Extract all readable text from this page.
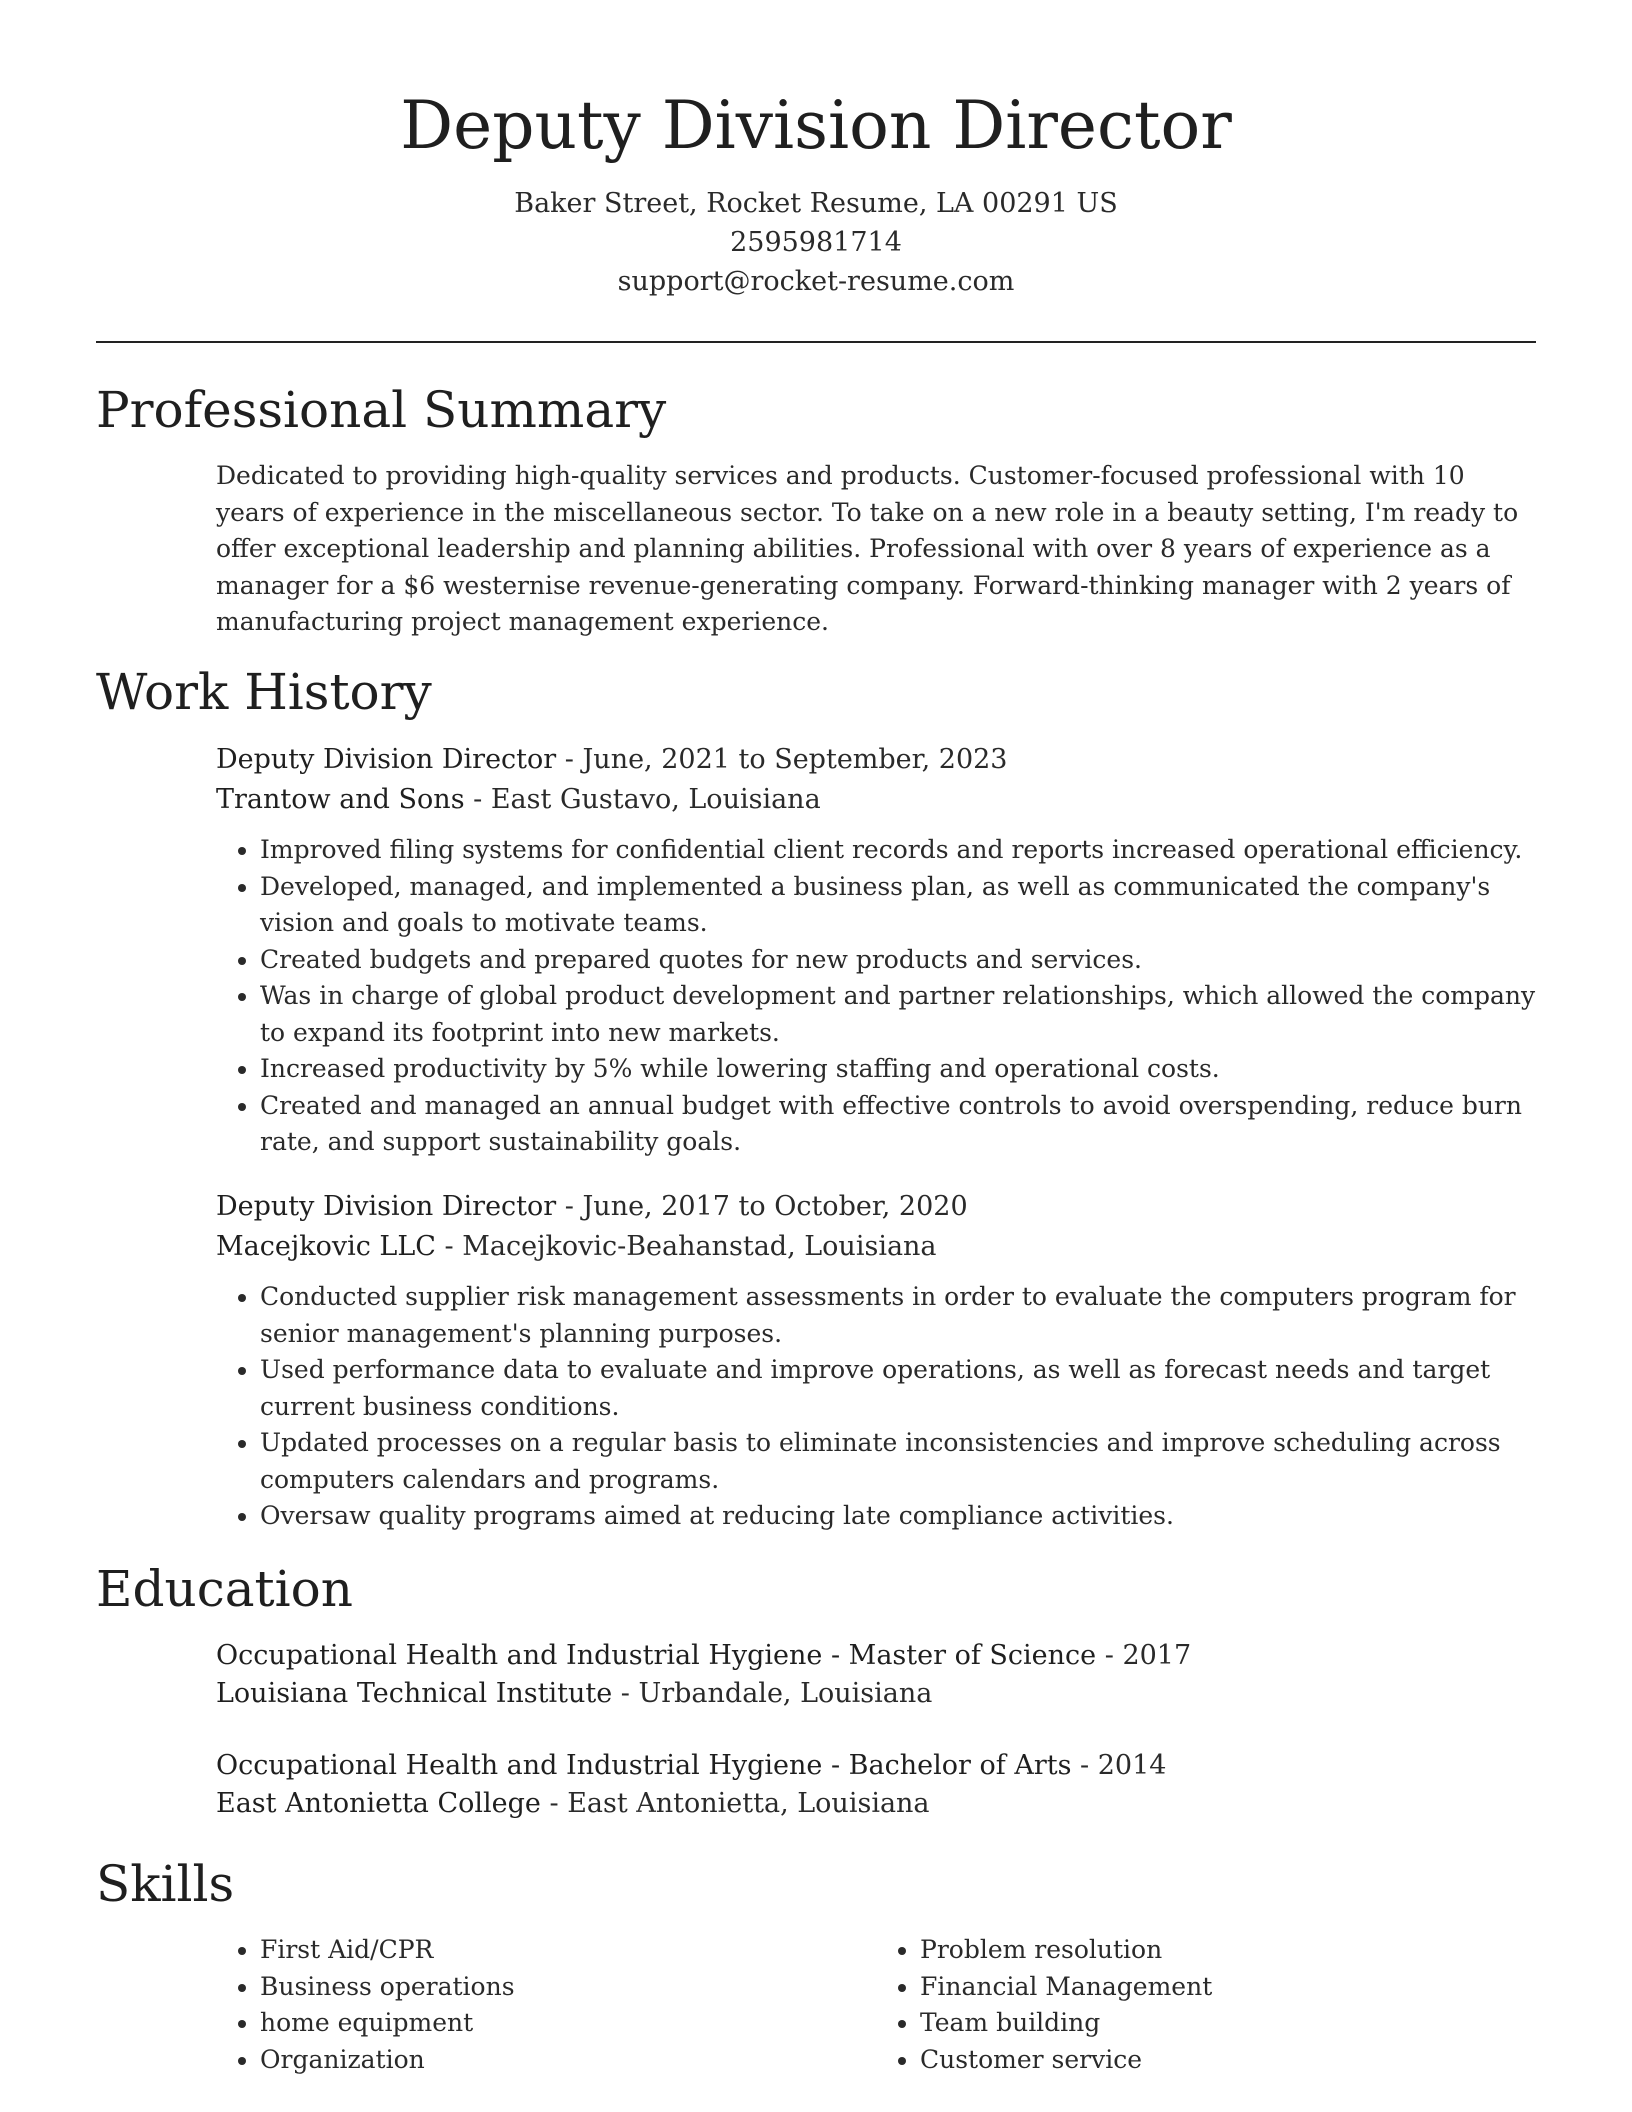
Deputy Division Director
Baker Street, Rocket Resume, LA 00291 US
2595981714
support@rocket-resume.com
Professional Summary

Dedicated to providing high-quality services and products. Customer-focused professional with 10 years of experience in the miscellaneous sector. To take on a new role in a beauty setting, I'm ready to offer exceptional leadership and planning abilities. Professional with over 8 years of experience as a manager for a $6 westernise revenue-generating company. Forward-thinking manager with 2 years of manufacturing project management experience.

Work History
Deputy Division Director - June, 2021 to September, 2023
Trantow and Sons - East Gustavo, Louisiana
• Improved filing systems for confidential client records and reports increased operational efficiency.
• Developed, managed, and implemented a business plan, as well as communicated the company's vision and goals to motivate teams.
• Created budgets and prepared quotes for new products and services.
• Was in charge of global product development and partner relationships, which allowed the company to expand its footprint into new markets.
• Increased productivity by 5% while lowering staffing and operational costs.
• Created and managed an annual budget with effective controls to avoid overspending, reduce burn rate, and support sustainability goals.
Deputy Division Director - June, 2017 to October, 2020
Macejkovic LLC - Macejkovic-Beahanstad, Louisiana
• Conducted supplier risk management assessments in order to evaluate the computers program for senior management's planning purposes.
• Used performance data to evaluate and improve operations, as well as forecast needs and target current business conditions.
• Updated processes on a regular basis to eliminate inconsistencies and improve scheduling across computers calendars and programs.
• Oversaw quality programs aimed at reducing late compliance activities.
Education
Occupational Health and Industrial Hygiene - Master of Science - 2017
Louisiana Technical Institute - Urbandale, Louisiana
Occupational Health and Industrial Hygiene - Bachelor of Arts - 2014
East Antonietta College - East Antonietta, Louisiana
Skills
• First Aid/CPR
• Business operations
• home equipment
• Organization
• Problem resolution
• Financial Management
• Team building
• Customer service
